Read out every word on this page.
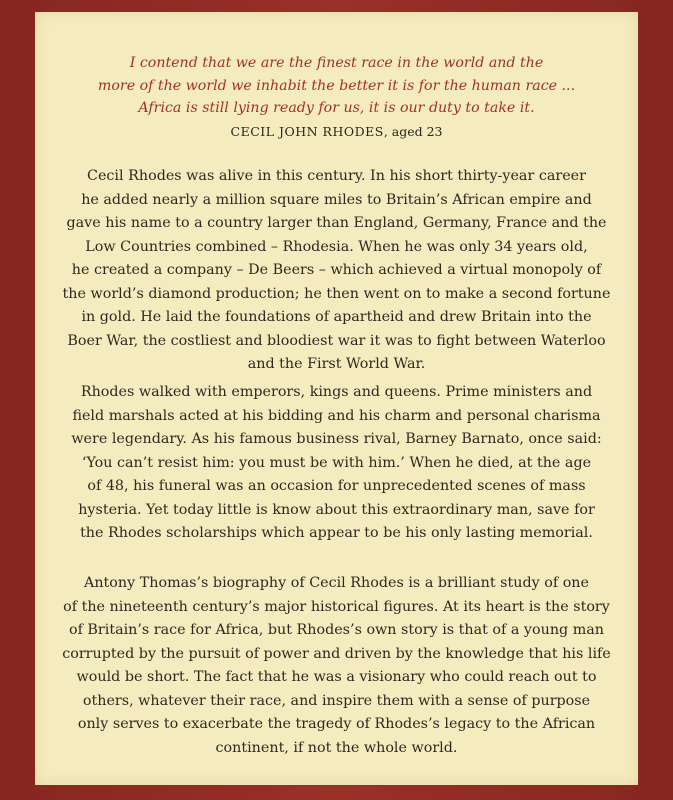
I contend that we are the finest race in the world and the
more of the world we inhabit the better it is for the human race ...
Africa is still lying ready for us, it is our duty to take it.
CECIL JOHN RHODES, aged 23
Cecil Rhodes was alive in this century. In his short thirty-year career
he added nearly a million square miles to Britain’s African empire and
gave his name to a country larger than England, Germany, France and the
Low Countries combined – Rhodesia. When he was only 34 years old,
he created a company – De Beers – which achieved a virtual monopoly of
the world’s diamond production; he then went on to make a second fortune
in gold. He laid the foundations of apartheid and drew Britain into the
Boer War, the costliest and bloodiest war it was to fight between Waterloo
and the First World War.
Rhodes walked with emperors, kings and queens. Prime ministers and
field marshals acted at his bidding and his charm and personal charisma
were legendary. As his famous business rival, Barney Barnato, once said:
‘You can’t resist him: you must be with him.’ When he died, at the age
of 48, his funeral was an occasion for unprecedented scenes of mass
hysteria. Yet today little is know about this extraordinary man, save for
the Rhodes scholarships which appear to be his only lasting memorial.
Antony Thomas’s biography of Cecil Rhodes is a brilliant study of one
of the nineteenth century’s major historical figures. At its heart is the story
of Britain’s race for Africa, but Rhodes’s own story is that of a young man
corrupted by the pursuit of power and driven by the knowledge that his life
would be short. The fact that he was a visionary who could reach out to
others, whatever their race, and inspire them with a sense of purpose
only serves to exacerbate the tragedy of Rhodes’s legacy to the African
continent, if not the whole world.
